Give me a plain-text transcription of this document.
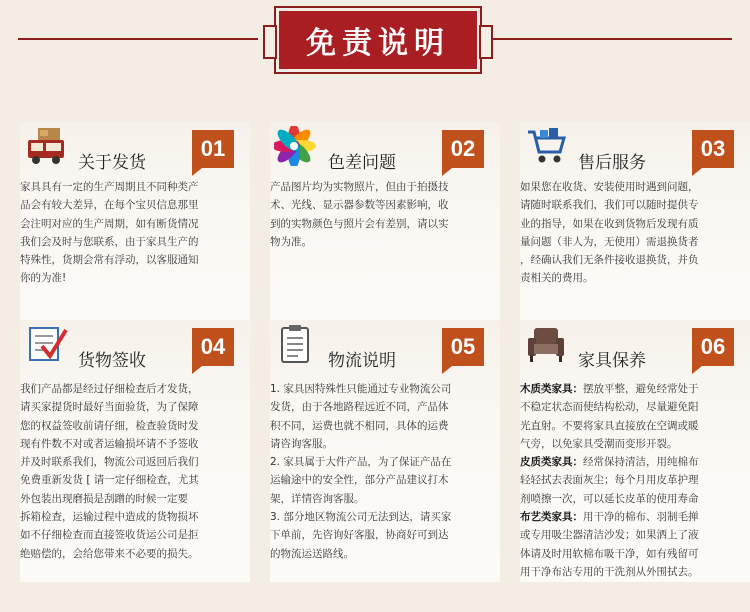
免责说明
关于发货
01

家具具有一定的生产周期且不同种类产

品会有较大差异，在每个宝贝信息那里

会注明对应的生产周期，如有断货情况

我们会及时与您联系，由于家具生产的

特殊性，货期会常有浮动，以客服通知

你的为准!

色差问题
02

产品图片均为实物照片，但由于拍摄技

术、光线、显示器参数等因素影响，收

到的实物颜色与照片会有差别，请以实

物为准。

售后服务
03

如果您在收货、安装使用时遇到问题，

请随时联系我们，我们可以随时提供专

业的指导，如果在收到货物后发现有质

量问题（非人为，无使用）需退换货者

，经确认我们无条件接收退换货，并负

责相关的费用。

货物签收
04

我们产品都是经过仔细检查后才发货，

请买家提货时最好当面验货，为了保障

您的权益签收前请仔细，检查验货时发

现有件数不对或者运输损坏请不予签收

并及时联系我们，物流公司返回后我们

免费重新发货 [ 请一定仔细检查，尤其

外包装出现磨损是刮蹭的时候一定要

拆箱检查，运输过程中造成的货物损坏

如不仔细检查而直接签收货运公司是拒

绝赔偿的，会给您带来不必要的损失。

物流说明
05

1. 家具因特殊性只能通过专业物流公司

发货，由于各地路程远近不同，产品体

积不同，运费也就不相同，具体的运费

请咨询客服。

2. 家具属于大件产品，为了保证产品在

运输途中的安全性，部分产品建议打木

架，详情咨询客服。

3. 部分地区物流公司无法到达，请买家

下单前，先咨询好客服，协商好可到达

的物流运送路线。

家具保养
06

木质类家具：摆放平整，避免经常处于

不稳定状态而使结构松动，尽量避免阳

光直射。不要将家具直接放在空调或暖

气旁，以免家具受潮而变形开裂。

皮质类家具：经常保持清洁，用纯棉布

轻轻拭去表面灰尘；每个月用皮革护理

剂喷擦一次，可以延长皮革的使用寿命

布艺类家具：用干净的棉布、羽制毛掸

或专用吸尘器清洁沙发；如果洒上了液

体请及时用软棉布吸干净，如有残留可

用干净布沾专用的干洗剂从外围拭去。
